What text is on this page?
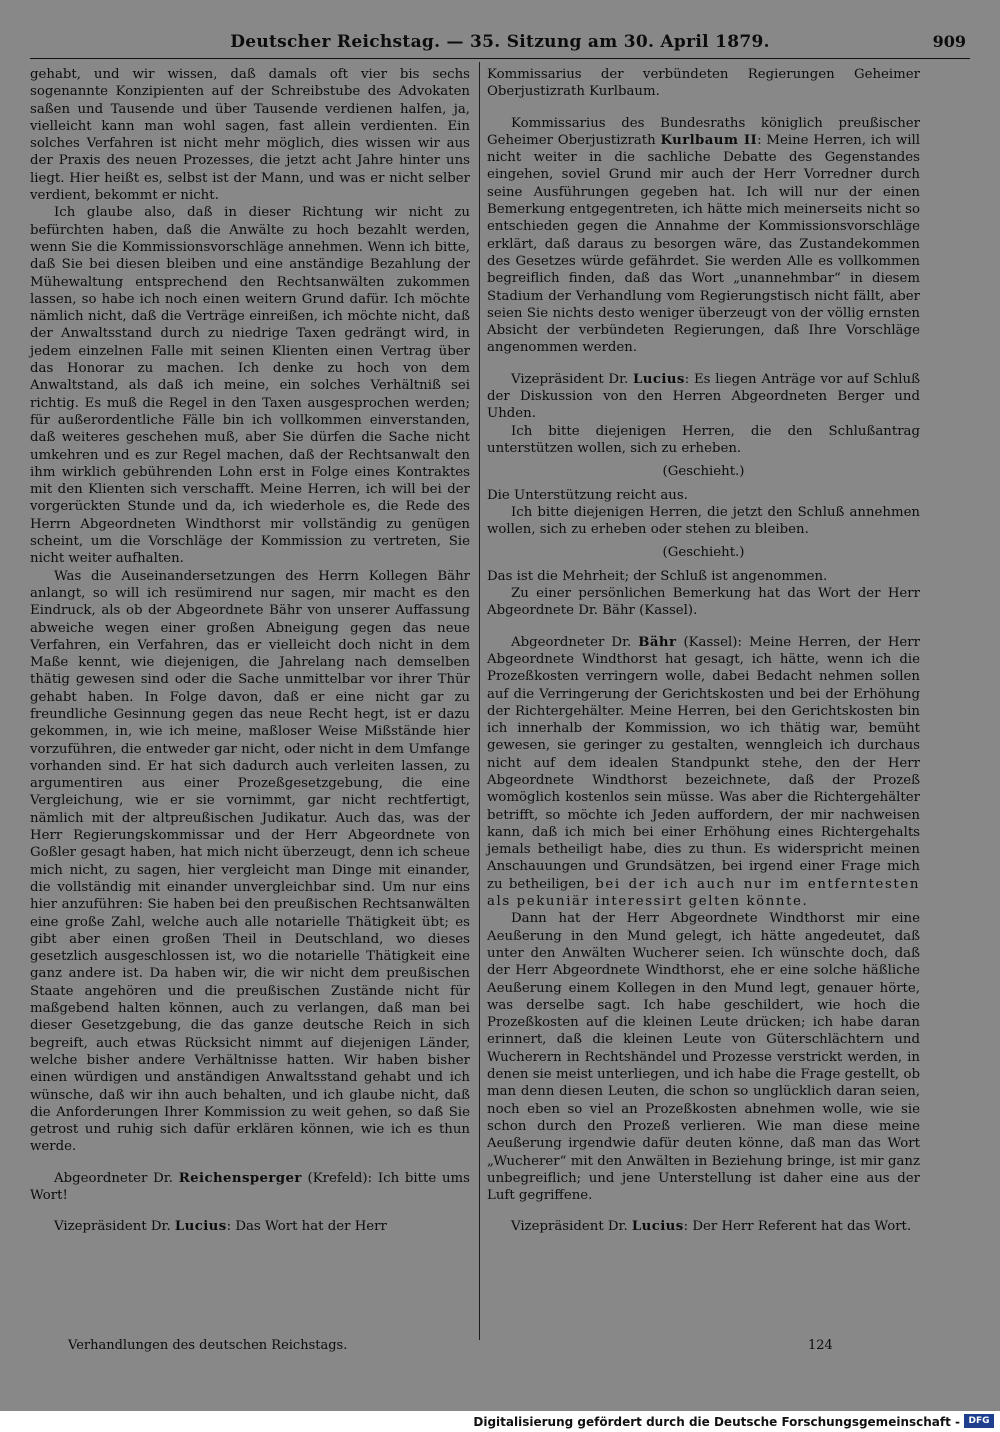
Deutscher Reichstag. — 35. Sitzung am 30. April 1879.	909

gehabt, und wir wissen, daß damals oft vier bis sechs sogenannte Konzipienten auf der Schreibstube des Advokaten saßen und Tausende und über Tausende verdienen halfen, ja, vielleicht kann man wohl sagen, fast allein verdienten. Ein solches Verfahren ist nicht mehr möglich, dies wissen wir aus der Praxis des neuen Prozesses, die jetzt acht Jahre hinter uns liegt. Hier heißt es, selbst ist der Mann, und was er nicht selber verdient, bekommt er nicht.

Ich glaube also, daß in dieser Richtung wir nicht zu befürchten haben, daß die Anwälte zu hoch bezahlt werden, wenn Sie die Kommissionsvorschläge annehmen. Wenn ich bitte, daß Sie bei diesen bleiben und eine anständige Bezahlung der Mühewaltung entsprechend den Rechtsanwälten zukommen lassen, so habe ich noch einen weitern Grund dafür. Ich möchte nämlich nicht, daß die Verträge einreißen, ich möchte nicht, daß der Anwaltsstand durch zu niedrige Taxen gedrängt wird, in jedem einzelnen Falle mit seinen Klienten einen Vertrag über das Honorar zu machen. Ich denke zu hoch von dem Anwaltstand, als daß ich meine, ein solches Verhältniß sei richtig. Es muß die Regel in den Taxen ausgesprochen werden; für außerordentliche Fälle bin ich vollkommen einverstanden, daß weiteres geschehen muß, aber Sie dürfen die Sache nicht umkehren und es zur Regel machen, daß der Rechtsanwalt den ihm wirklich gebührenden Lohn erst in Folge eines Kontraktes mit den Klienten sich verschafft. Meine Herren, ich will bei der vorgerückten Stunde und da, ich wiederhole es, die Rede des Herrn Abgeordneten Windthorst mir vollständig zu genügen scheint, um die Vorschläge der Kommission zu vertreten, Sie nicht weiter aufhalten.

Was die Auseinandersetzungen des Herrn Kollegen Bähr anlangt, so will ich resümirend nur sagen, mir macht es den Eindruck, als ob der Abgeordnete Bähr von unserer Auffassung abweiche wegen einer großen Abneigung gegen das neue Verfahren, ein Verfahren, das er vielleicht doch nicht in dem Maße kennt, wie diejenigen, die Jahrelang nach demselben thätig gewesen sind oder die Sache unmittelbar vor ihrer Thür gehabt haben. In Folge davon, daß er eine nicht gar zu freundliche Gesinnung gegen das neue Recht hegt, ist er dazu gekommen, in, wie ich meine, maßloser Weise Mißstände hier vorzuführen, die entweder gar nicht, oder nicht in dem Umfange vorhanden sind. Er hat sich dadurch auch verleiten lassen, zu argumentiren aus einer Prozeßgesetzgebung, die eine Vergleichung, wie er sie vornimmt, gar nicht rechtfertigt, nämlich mit der altpreußischen Judikatur. Auch das, was der Herr Regierungskommissar und der Herr Abgeordnete von Goßler gesagt haben, hat mich nicht überzeugt, denn ich scheue mich nicht, zu sagen, hier vergleicht man Dinge mit einander, die vollständig mit einander unvergleichbar sind. Um nur eins hier anzuführen: Sie haben bei den preußischen Rechtsanwälten eine große Zahl, welche auch alle notarielle Thätigkeit übt; es gibt aber einen großen Theil in Deutschland, wo dieses gesetzlich ausgeschlossen ist, wo die notarielle Thätigkeit eine ganz andere ist. Da haben wir, die wir nicht dem preußischen Staate angehören und die preußischen Zustände nicht für maßgebend halten können, auch zu verlangen, daß man bei dieser Gesetzgebung, die das ganze deutsche Reich in sich begreift, auch etwas Rücksicht nimmt auf diejenigen Länder, welche bisher andere Verhältnisse hatten. Wir haben bisher einen würdigen und anständigen Anwaltsstand gehabt und ich wünsche, daß wir ihn auch behalten, und ich glaube nicht, daß die Anforderungen Ihrer Kommission zu weit gehen, so daß Sie getrost und ruhig sich dafür erklären können, wie ich es thun werde.

Abgeordneter Dr. Reichensperger (Krefeld): Ich bitte ums Wort!

Vizepräsident Dr. Lucius: Das Wort hat der Herr

Kommissarius der verbündeten Regierungen Geheimer Oberjustizrath Kurlbaum.

Kommissarius des Bundesraths königlich preußischer Geheimer Oberjustizrath Kurlbaum II: Meine Herren, ich will nicht weiter in die sachliche Debatte des Gegenstandes eingehen, soviel Grund mir auch der Herr Vorredner durch seine Ausführungen gegeben hat. Ich will nur der einen Bemerkung entgegentreten, ich hätte mich meinerseits nicht so entschieden gegen die Annahme der Kommissionsvorschläge erklärt, daß daraus zu besorgen wäre, das Zustandekommen des Gesetzes würde gefährdet. Sie werden Alle es vollkommen begreiflich finden, daß das Wort „unannehmbar“ in diesem Stadium der Verhandlung vom Regierungstisch nicht fällt, aber seien Sie nichts desto weniger überzeugt von der völlig ernsten Absicht der verbündeten Regierungen, daß Ihre Vorschläge angenommen werden.

Vizepräsident Dr. Lucius: Es liegen Anträge vor auf Schluß der Diskussion von den Herren Abgeordneten Berger und Uhden.

Ich bitte diejenigen Herren, die den Schlußantrag unterstützen wollen, sich zu erheben.

(Geschieht.)

Die Unterstützung reicht aus.

Ich bitte diejenigen Herren, die jetzt den Schluß annehmen wollen, sich zu erheben oder stehen zu bleiben.

(Geschieht.)

Das ist die Mehrheit; der Schluß ist angenommen.

Zu einer persönlichen Bemerkung hat das Wort der Herr Abgeordnete Dr. Bähr (Kassel).

Abgeordneter Dr. Bähr (Kassel): Meine Herren, der Herr Abgeordnete Windthorst hat gesagt, ich hätte, wenn ich die Prozeßkosten verringern wolle, dabei Bedacht nehmen sollen auf die Verringerung der Gerichtskosten und bei der Erhöhung der Richtergehälter. Meine Herren, bei den Gerichtskosten bin ich innerhalb der Kommission, wo ich thätig war, bemüht gewesen, sie geringer zu gestalten, wenngleich ich durchaus nicht auf dem idealen Standpunkt stehe, den der Herr Abgeordnete Windthorst bezeichnete, daß der Prozeß womöglich kostenlos sein müsse. Was aber die Richtergehälter betrifft, so möchte ich Jeden auffordern, der mir nachweisen kann, daß ich mich bei einer Erhöhung eines Richtergehalts jemals betheiligt habe, dies zu thun. Es widerspricht meinen Anschauungen und Grundsätzen, bei irgend einer Frage mich zu betheiligen, bei der ich auch nur im entferntesten als pekuniär interessirt gelten könnte.

Dann hat der Herr Abgeordnete Windthorst mir eine Aeußerung in den Mund gelegt, ich hätte angedeutet, daß unter den Anwälten Wucherer seien. Ich wünschte doch, daß der Herr Abgeordnete Windthorst, ehe er eine solche häßliche Aeußerung einem Kollegen in den Mund legt, genauer hörte, was derselbe sagt. Ich habe geschildert, wie hoch die Prozeßkosten auf die kleinen Leute drücken; ich habe daran erinnert, daß die kleinen Leute von Güterschlächtern und Wucherern in Rechtshändel und Prozesse verstrickt werden, in denen sie meist unterliegen, und ich habe die Frage gestellt, ob man denn diesen Leuten, die schon so unglücklich daran seien, noch eben so viel an Prozeßkosten abnehmen wolle, wie sie schon durch den Prozeß verlieren. Wie man diese meine Aeußerung irgendwie dafür deuten könne, daß man das Wort „Wucherer“ mit den Anwälten in Beziehung bringe, ist mir ganz unbegreiflich; und jene Unterstellung ist daher eine aus der Luft gegriffene.

Vizepräsident Dr. Lucius: Der Herr Referent hat das Wort.

Verhandlungen des deutschen Reichstags.	124
Digitalisierung gefördert durch die Deutsche Forschungsgemeinschaft - DFG
